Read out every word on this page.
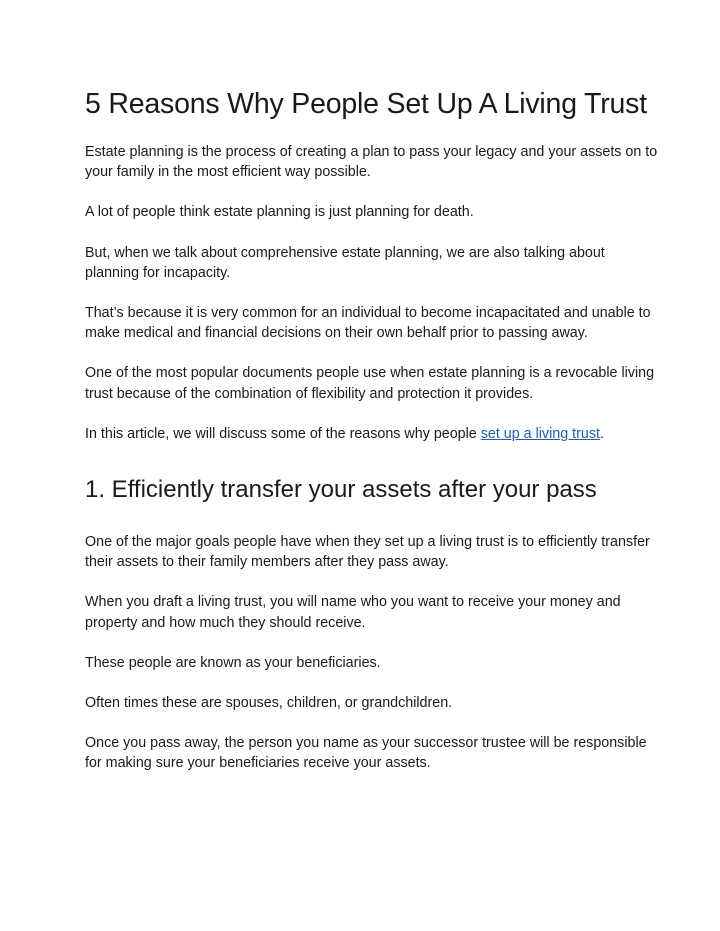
5 Reasons Why People Set Up A Living Trust

Estate planning is the process of creating a plan to pass your legacy and your assets on to your family in the most efficient way possible.

A lot of people think estate planning is just planning for death.

But, when we talk about comprehensive estate planning, we are also talking about planning for incapacity.

That’s because it is very common for an individual to become incapacitated and unable to make medical and financial decisions on their own behalf prior to passing away.

One of the most popular documents people use when estate planning is a revocable living trust because of the combination of flexibility and protection it provides.

In this article, we will discuss some of the reasons why people set up a living trust.

1. Efficiently transfer your assets after your pass

One of the major goals people have when they set up a living trust is to efficiently transfer their assets to their family members after they pass away.

When you draft a living trust, you will name who you want to receive your money and property and how much they should receive.

These people are known as your beneficiaries.

Often times these are spouses, children, or grandchildren.

Once you pass away, the person you name as your successor trustee will be responsible for making sure your beneficiaries receive your assets.
